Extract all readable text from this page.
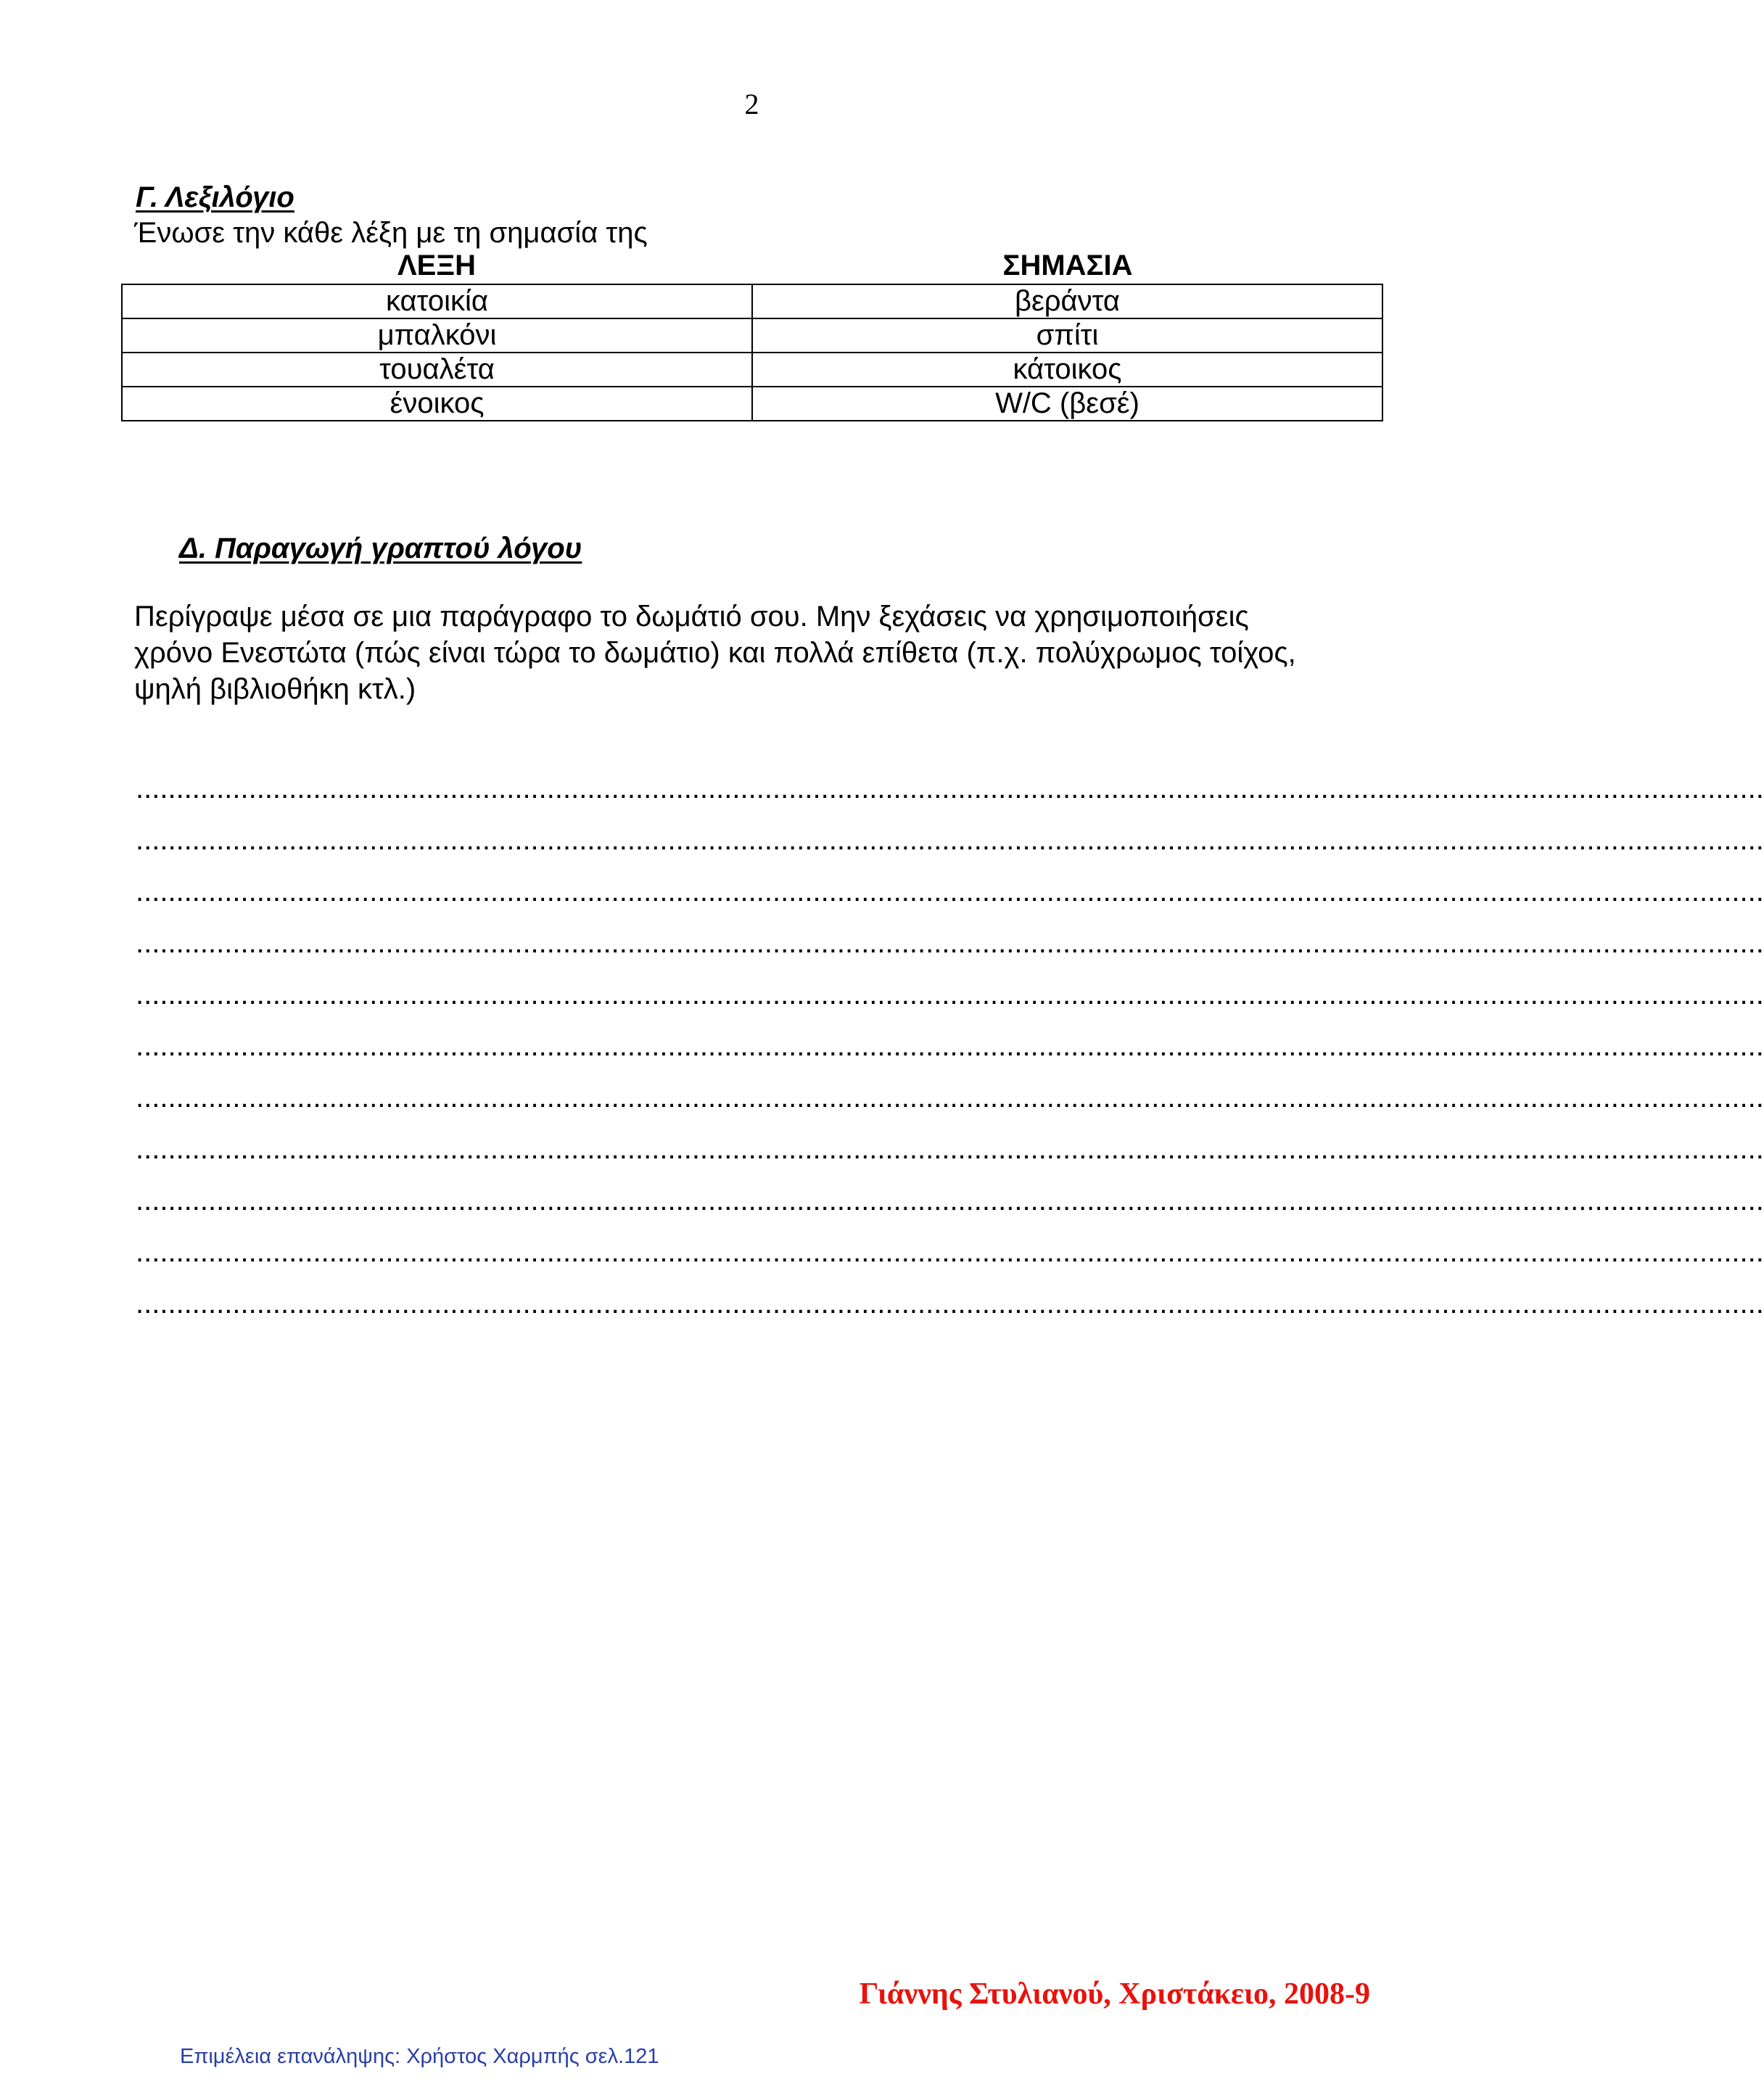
2
Γ. Λεξιλόγιο
Ένωσε την κάθε λέξη με τη σημασία της
ΛΕΞΗ	ΣΗΜΑΣΙΑ
κατοικία	βεράντα
μπαλκόνι	σπίτι
τουαλέτα	κάτοικος
ένοικος	W/C (βεσέ)
Δ. Παραγωγή γραπτού λόγου
Περίγραψε μέσα σε μια παράγραφο το δωμάτιό σου. Μην ξεχάσεις να χρησιμοποιήσεις
χρόνο Ενεστώτα (πώς είναι τώρα το δωμάτιο) και πολλά επίθετα (π.χ. πολύχρωμος τοίχος,
ψηλή βιβλιοθήκη κτλ.)
..........................................................................................................................................................................................................
..........................................................................................................................................................................................................
..........................................................................................................................................................................................................
..........................................................................................................................................................................................................
..........................................................................................................................................................................................................
..........................................................................................................................................................................................................
..........................................................................................................................................................................................................
..........................................................................................................................................................................................................
..........................................................................................................................................................................................................
..........................................................................................................................................................................................................
..........................................................................................................................................................................................................
Γιάννης Στυλιανού, Χριστάκειο, 2008-9
Επιμέλεια επανάληψης: Χρήστος Χαρμπής σελ.121
